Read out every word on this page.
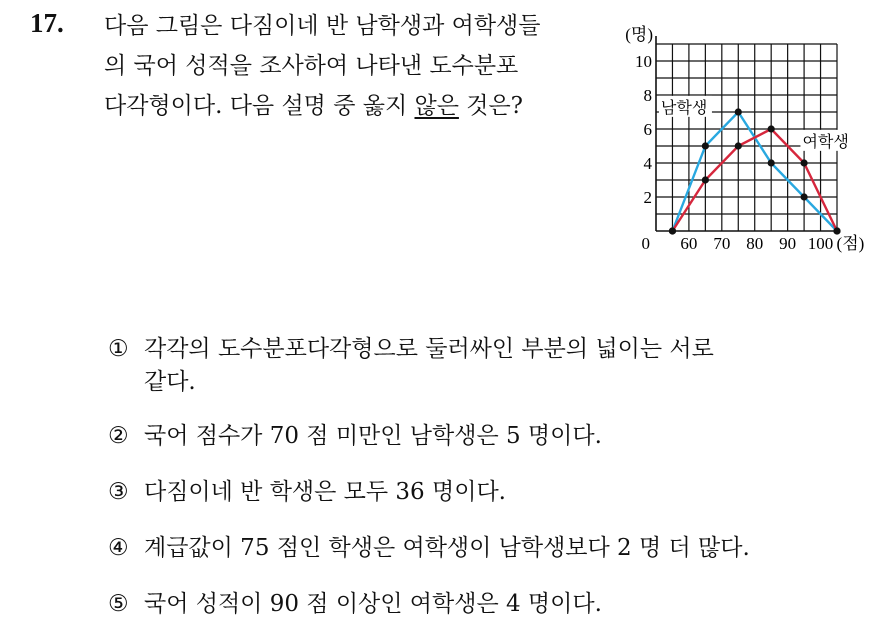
17. 다음 그림은 다짐이네 반 남학생과 여학생들
의 국어 성적을 조사하여 나타낸 도수분포
다각형이다. 다음 설명 중 옳지 않은 것은?
(명)
0
2
4
6
8
10
60 70 80 90 100 (점)
남학생
여학생
① 각각의 도수분포다각형으로 둘러싸인 부분의 넓이는 서로
같다.
② 국어 점수가 70 점 미만인 남학생은 5 명이다.
③ 다짐이네 반 학생은 모두 36 명이다.
④ 계급값이 75 점인 학생은 여학생이 남학생보다 2 명 더 많다.
⑤ 국어 성적이 90 점 이상인 여학생은 4 명이다.
